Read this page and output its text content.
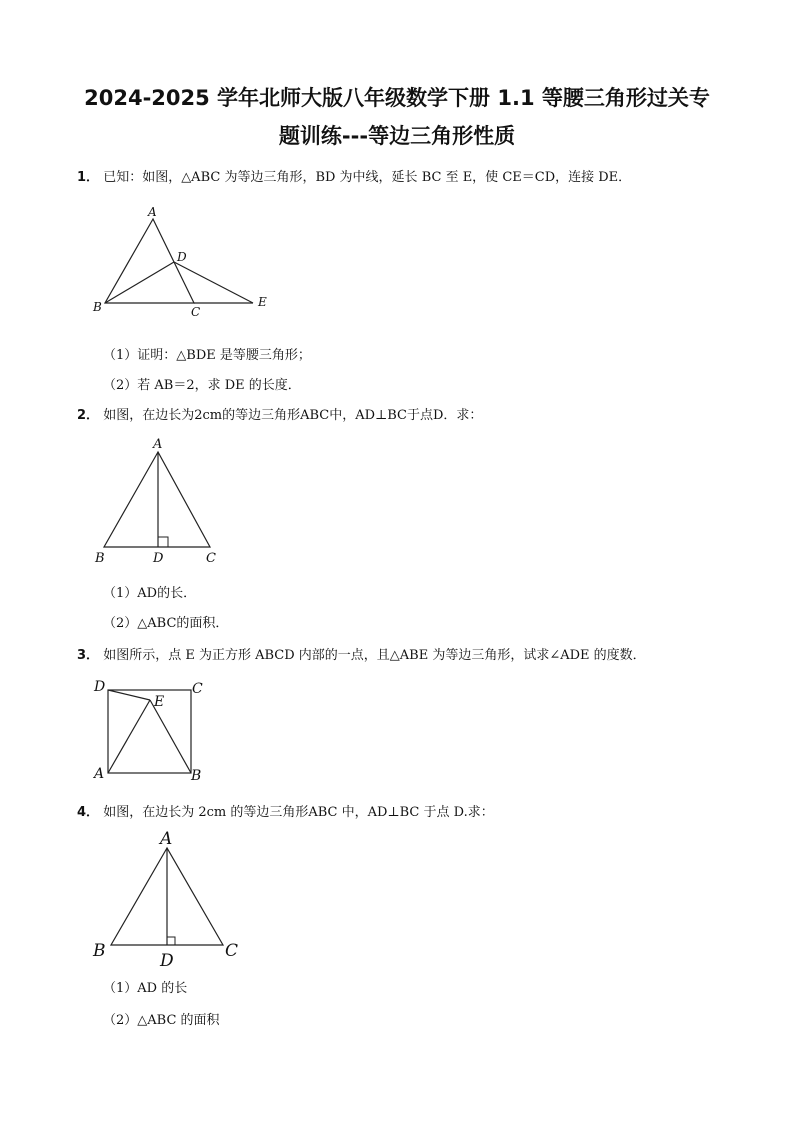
2024-2025 学年北师大版八年级数学下册 1.1 等腰三角形过关专
题训练---等边三角形性质
1． 已知：如图，△ABC 为等边三角形，BD 为中线，延长 BC 至 E，使 CE＝CD，连接 DE．
A
B	C
D
E
（1）证明：△BDE 是等腰三角形；
（2）若 AB＝2，求 DE 的长度．
2． 如图，在边长为2cm的等边三角形ABC中，AD⊥BC于点D．求：
A
B	C
D
（1）AD的长．
（2）△ABC的面积．
3． 如图所示，点 E 为正方形 ABCD 内部的一点，且△ABE 为等边三角形，试求∠ADE 的度数．
A	B
C
D
E
4． 如图，在边长为 2cm 的等边三角形ABC 中，AD⊥BC 于点 D.求：
A
B	C
D
（1）AD 的长
（2）△ABC 的面积
